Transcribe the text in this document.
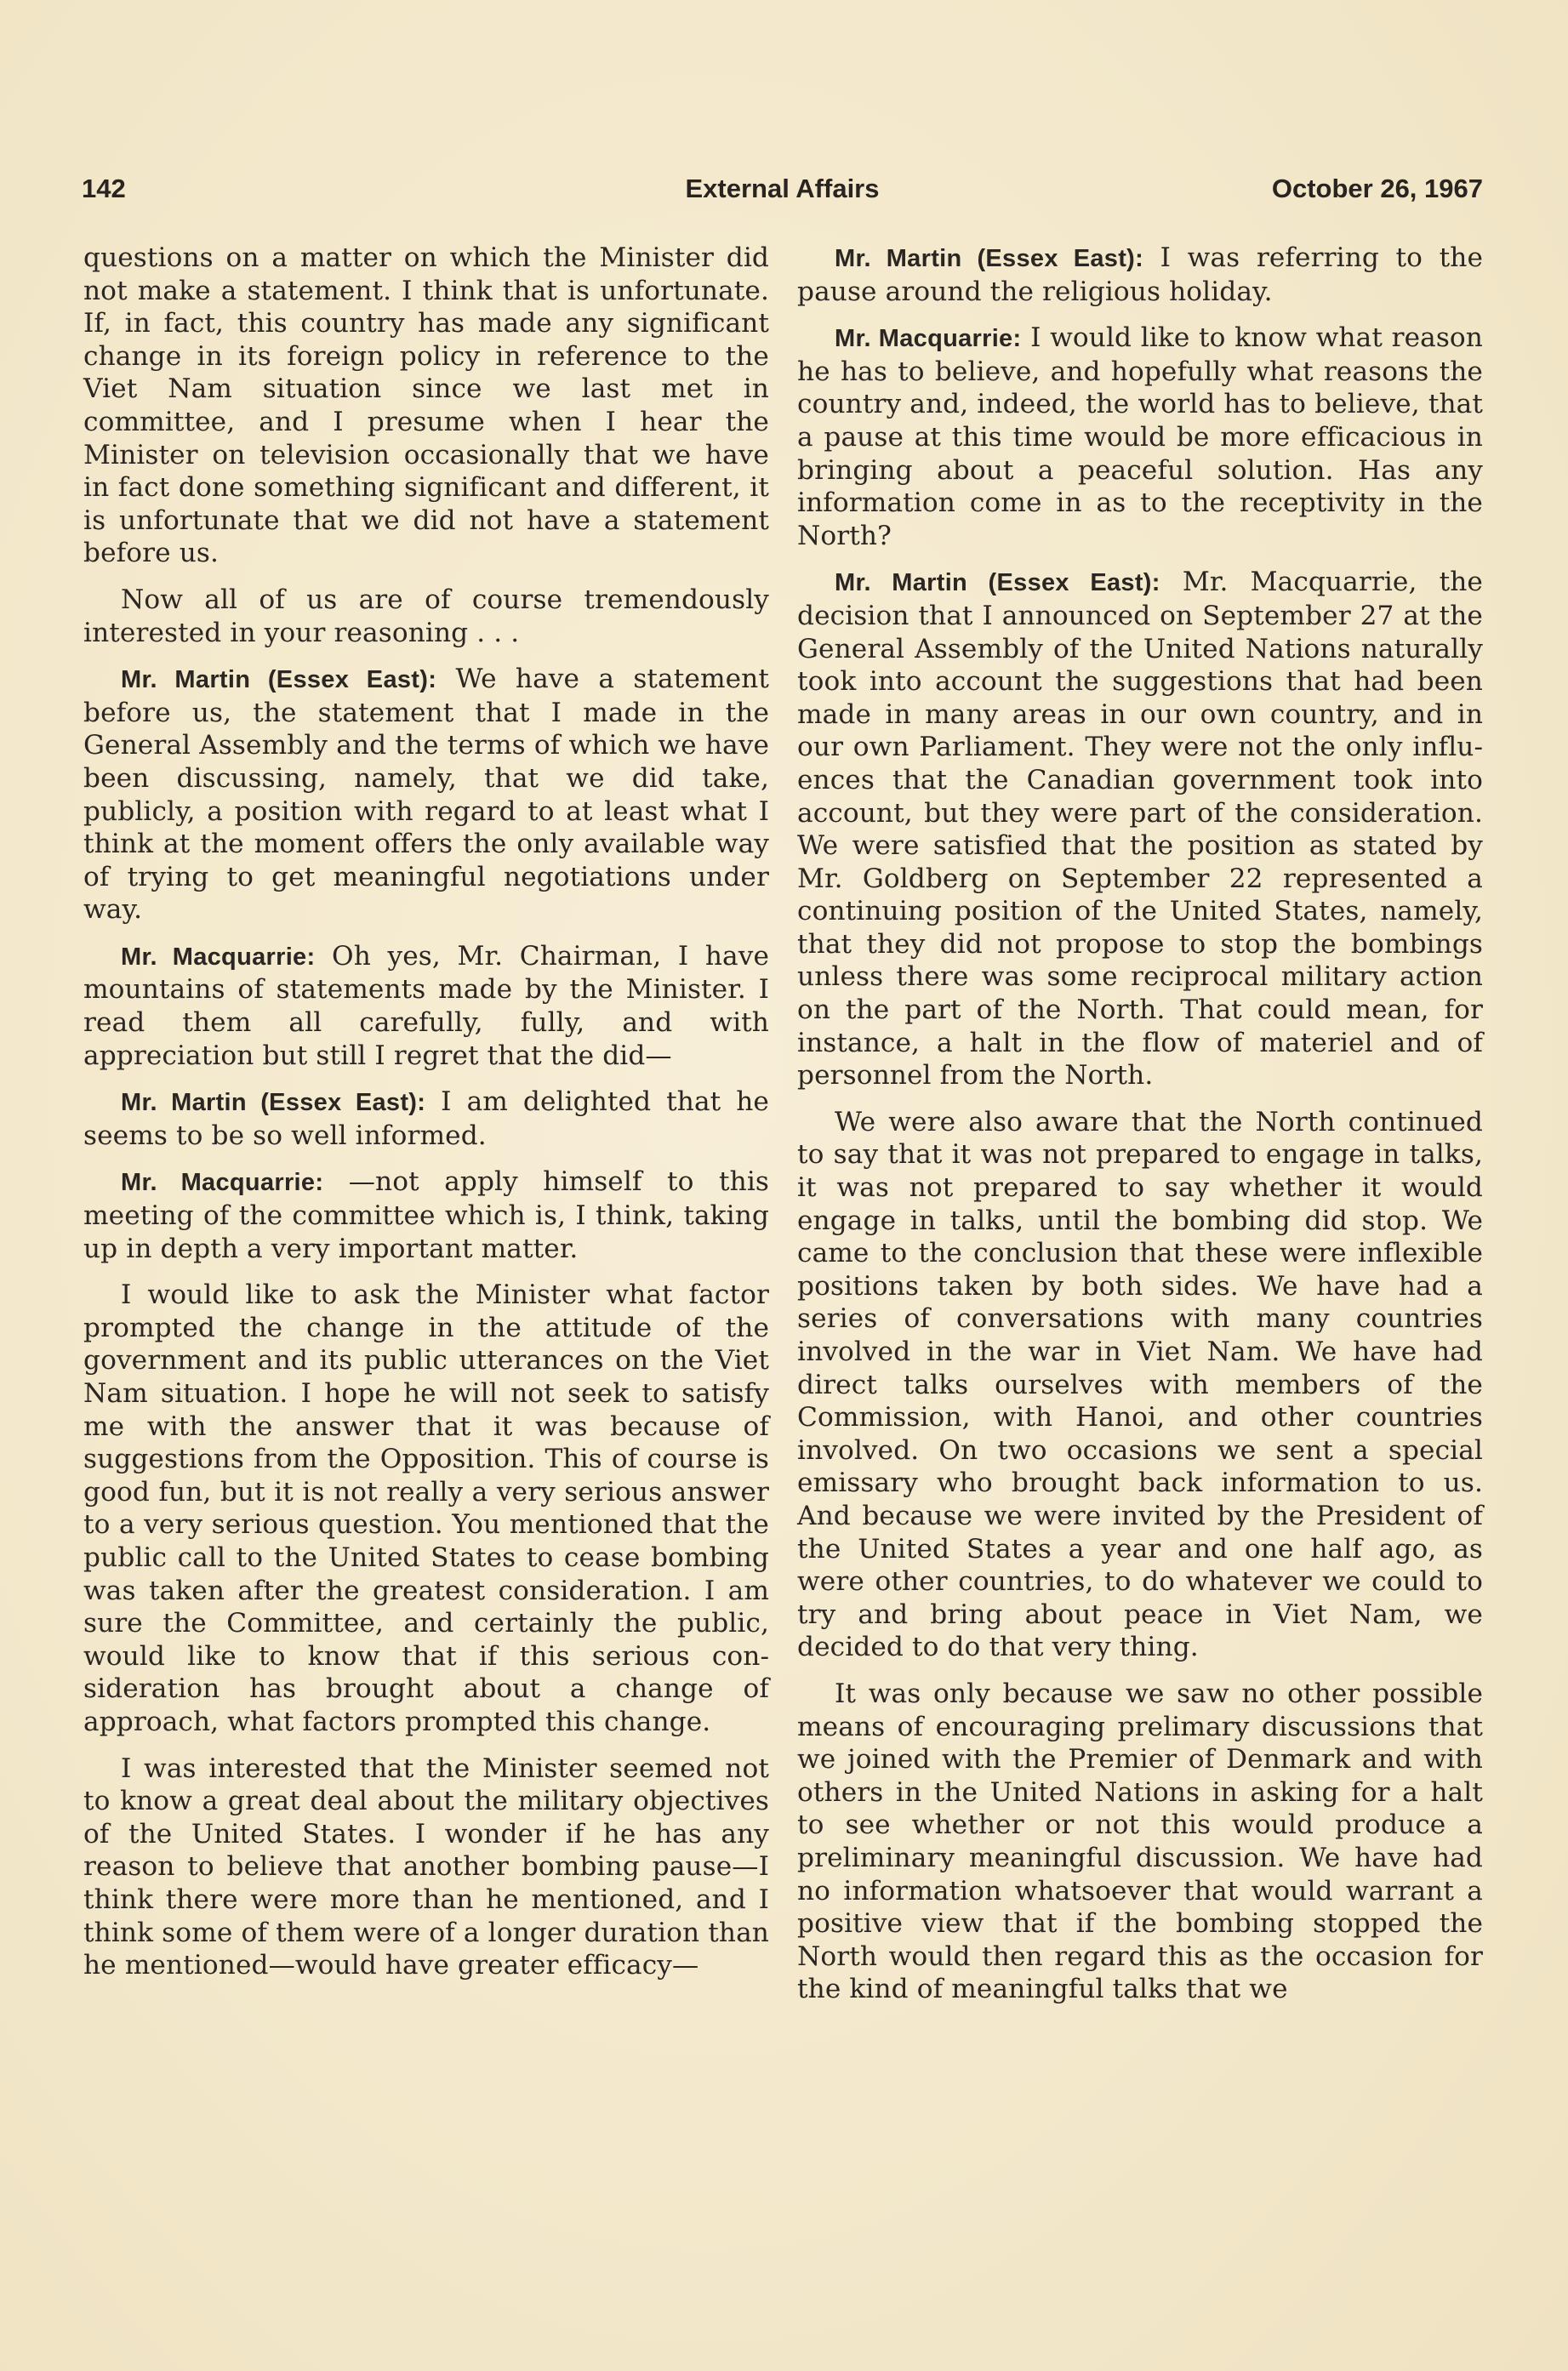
142	External Affairs	October 26, 1967

questions on a matter on which the Minister did not make a statement. I think that is unfortunate. If, in fact, this country has made any significant change in its foreign policy in reference to the Viet Nam situation since we last met in committee, and I presume when I hear the Minister on television occasionally that we have in fact done something significant and different, it is unfortunate that we did not have a statement before us.

Now all of us are of course tremendously interested in your reasoning . . .

Mr. Martin (Essex East): We have a statement before us, the statement that I made in the General Assembly and the terms of which we have been discussing, namely, that we did take, publicly, a position with regard to at least what I think at the moment offers the only available way of trying to get meaningful negotiations under way.

Mr. Macquarrie: Oh yes, Mr. Chairman, I have mountains of statements made by the Minister. I read them all carefully, fully, and with appreciation but still I regret that the did—

Mr. Martin (Essex East): I am delighted that he seems to be so well informed.

Mr. Macquarrie: —not apply himself to this meeting of the committee which is, I think, taking up in depth a very important matter.

I would like to ask the Minister what factor prompted the change in the attitude of the government and its public utterances on the Viet Nam situation. I hope he will not seek to satisfy me with the answer that it was because of suggestions from the Opposition. This of course is good fun, but it is not really a very serious answer to a very serious question. You mentioned that the public call to the United States to cease bombing was taken after the greatest consideration. I am sure the Committee, and certainly the public, would like to know that if this serious consideration has brought about a change of approach, what factors prompted this change.

I was interested that the Minister seemed not to know a great deal about the military objectives of the United States. I wonder if he has any reason to believe that another bombing pause—I think there were more than he mentioned, and I think some of them were of a longer duration than he mentioned—would have greater efficacy—

Mr. Martin (Essex East): I was referring to the pause around the religious holiday.

Mr. Macquarrie: I would like to know what reason he has to believe, and hopefully what reasons the country and, indeed, the world has to believe, that a pause at this time would be more efficacious in bringing about a peaceful solution. Has any information come in as to the receptivity in the North?

Mr. Martin (Essex East): Mr. Macquarrie, the decision that I announced on September 27 at the General Assembly of the United Nations naturally took into account the suggestions that had been made in many areas in our own country, and in our own Parliament. They were not the only influences that the Canadian government took into account, but they were part of the consideration. We were satisfied that the position as stated by Mr. Goldberg on September 22 represented a continuing position of the United States, namely, that they did not propose to stop the bombings unless there was some reciprocal military action on the part of the North. That could mean, for instance, a halt in the flow of materiel and of personnel from the North.

We were also aware that the North continued to say that it was not prepared to engage in talks, it was not prepared to say whether it would engage in talks, until the bombing did stop. We came to the conclusion that these were inflexible positions taken by both sides. We have had a series of conversations with many countries involved in the war in Viet Nam. We have had direct talks ourselves with members of the Commission, with Hanoi, and other countries involved. On two occasions we sent a special emissary who brought back information to us. And because we were invited by the President of the United States a year and one half ago, as were other countries, to do whatever we could to try and bring about peace in Viet Nam, we decided to do that very thing.

It was only because we saw no other possible means of encouraging prelimary discussions that we joined with the Premier of Denmark and with others in the United Nations in asking for a halt to see whether or not this would produce a preliminary meaningful discussion. We have had no information whatsoever that would warrant a positive view that if the bombing stopped the North would then regard this as the occasion for the kind of meaningful talks that we
